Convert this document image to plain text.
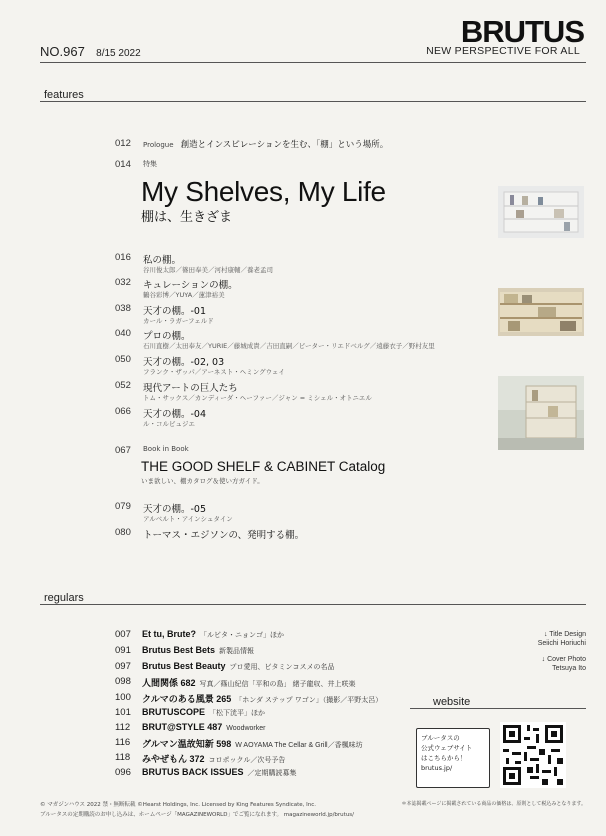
BRUTUS
NEW PERSPECTIVE FOR ALL
NO.967 8/15 2022
features
012	Prologue 創造とインスピレーションを生む、「棚」という場所。
014	特集
My Shelves, My Life
棚は、生きざま
016	私の棚。
谷川俊太郎／篠田奉美／河村康輔／養老孟司
032	キュレーションの棚。
鶴谷彩博／YUYA／蓮津裕美
038	天才の棚。-01
カール・ラガーフェルド
040	プロの棚。
石川直樹／太田奉友／YURIE／藤城成貴／吉田直嗣／ピーター・リエドベルグ／遠藤衣子／野村友里
050	天才の棚。-02, 03
フランク・ザッパ／アーネスト・ヘミングウェイ
052	現代アートの巨人たち
トム・サックス／カンディーダ・ヘーファー／ジャン = ミシェル・オトニエル
066	天才の棚。-04
ル・コルビュジエ
067	Book in Book
THE GOOD SHELF & CABINET Catalog
いま欲しい、棚カタログ＆使い方ガイド。
079	天才の棚。-05
アルベルト・アインシュタイン
080	トーマス・エジソンの、発明する棚。
regulars
007 Et tu, Brute? 「ルビタ・ニョンゴ」ほか
091 Brutus Best Bets 新製品情報
097 Brutus Best Beauty プロ愛用、ビタミンコスメの名品
098 人間関係 682 写真／篠山紀信「平和の島」 緒子龍収、井上咲楽
100 クルマのある風景 265 「ホンダ ステップ ワゴン」（撮影／平野太呂）
101 BRUTUSCOPE 「松下洸平」ほか
112 BRUT@STYLE 487 Woodworker
116 グルマン温故知新 598 W AOYAMA The Cellar & Grill／香楓味坊
118 みやぜもん 372 コロポックル／次号予告
096 BRUTUS BACK ISSUES ／定期購読募集
↓ Title Design
Seiichi Horiuchi
↓ Cover Photo
Tetsuya Ito
website
ブルータスの
公式ウェブサイト
はこちらから！
brutus.jp/
© マガジンハウス 2022 禁・無断転載 ©Hearst Holdings, Inc. Licensed by King Features Syndicate, Inc.
ブルータスの定期購読のお申し込みは、ホームページ「MAGAZINEWORLD」でご覧になれます。 magazineworld.jp/brutus/
＊本誌掲載ページに掲載されている商品の価格は、原則として税込みとなります。
